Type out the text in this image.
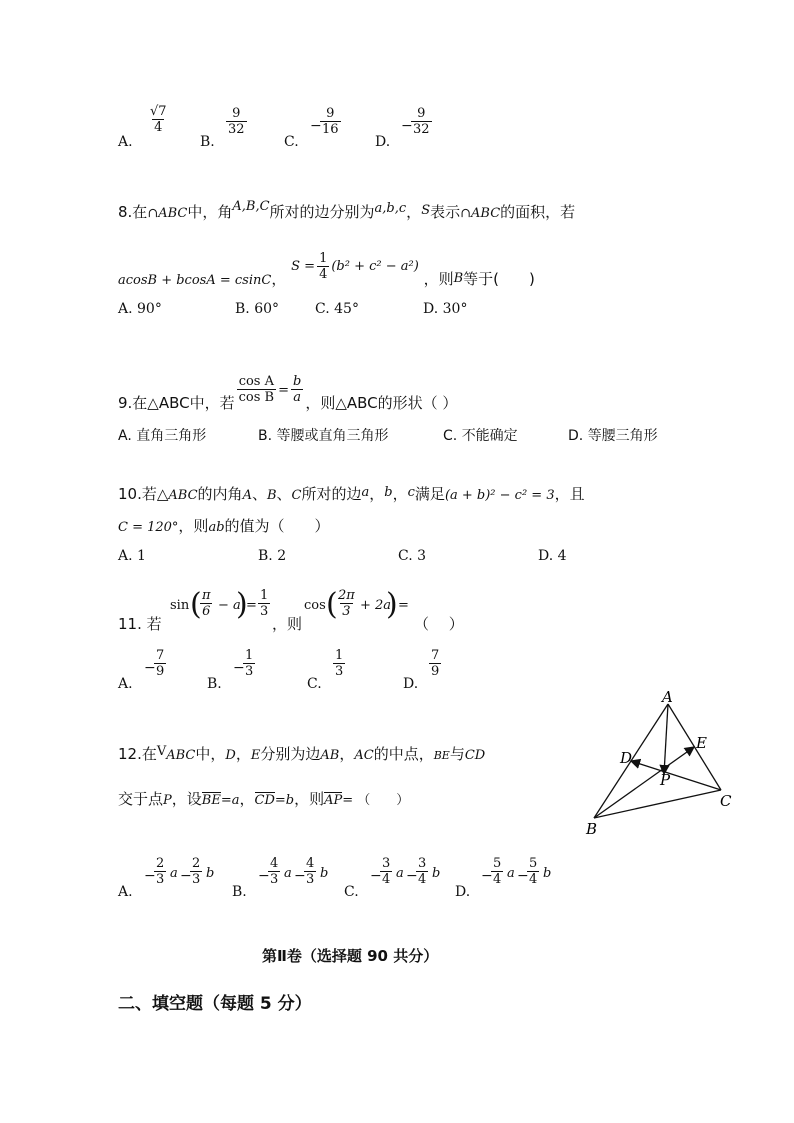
A.
$\frac{√7}{4}$
B.
$\frac{9}{32}$
C.
−
$\frac{9}{16}$
D.
−
$\frac{9}{32}$
8.在∩ABC中，角A,B,C所对的边分别为a,b,c，S表示∩ABC的面积，若
acosB + bcosA = csinC， $S = \frac{1}{4} (b^2 + c^2 - a^2)$ ，则B等于(　　)
A. 90°	B. 60°	C. 45°	D. 30°
9.在△ABC中，若 $\frac{\text{cos A}}{\text{cos B}} = \frac{b}{a}$ ，则△ABC的形状（ ）
A. 直角三角形	B. 等腰或直角三角形	C. 不能确定	D. 等腰三角形
10.若△ABC的内角A、B、C所对的边a，b，c满足(a + b)² − c² = 3，且
C = 120°，则ab的值为（　　）
A. 1	B. 2	C. 3	D. 4
11. 若
sin (
$\frac{\pi}{6} - a$
)
= $\frac{1}{3}$
，则
cos (
$\frac{2\pi}{3} + 2a$
) =
（　 ）
A.
−
$\frac{7}{9}$
B.
−
$\frac{1}{3}$
C.
$\frac{1}{3}$
D.
$\frac{7}{9}$
12.在VABC中，D，E分别为边AB，AC的中点，BE与CD
交于点P，设BE=a，CD=b，则AP= （　　）
A
B
C
D
E
P
A.
−
$\frac{2}{3}$ a −
$\frac{2}{3}$ b
B.
−
$\frac{4}{3}$ a −
$\frac{4}{3}$ b
C.
−
$\frac{3}{4}$ a −
$\frac{3}{4}$ b
D.
−
$\frac{5}{4}$ a −
$\frac{5}{4}$ b
第Ⅱ卷（选择题 90 共分）
二、填空题（每题 5 分）
